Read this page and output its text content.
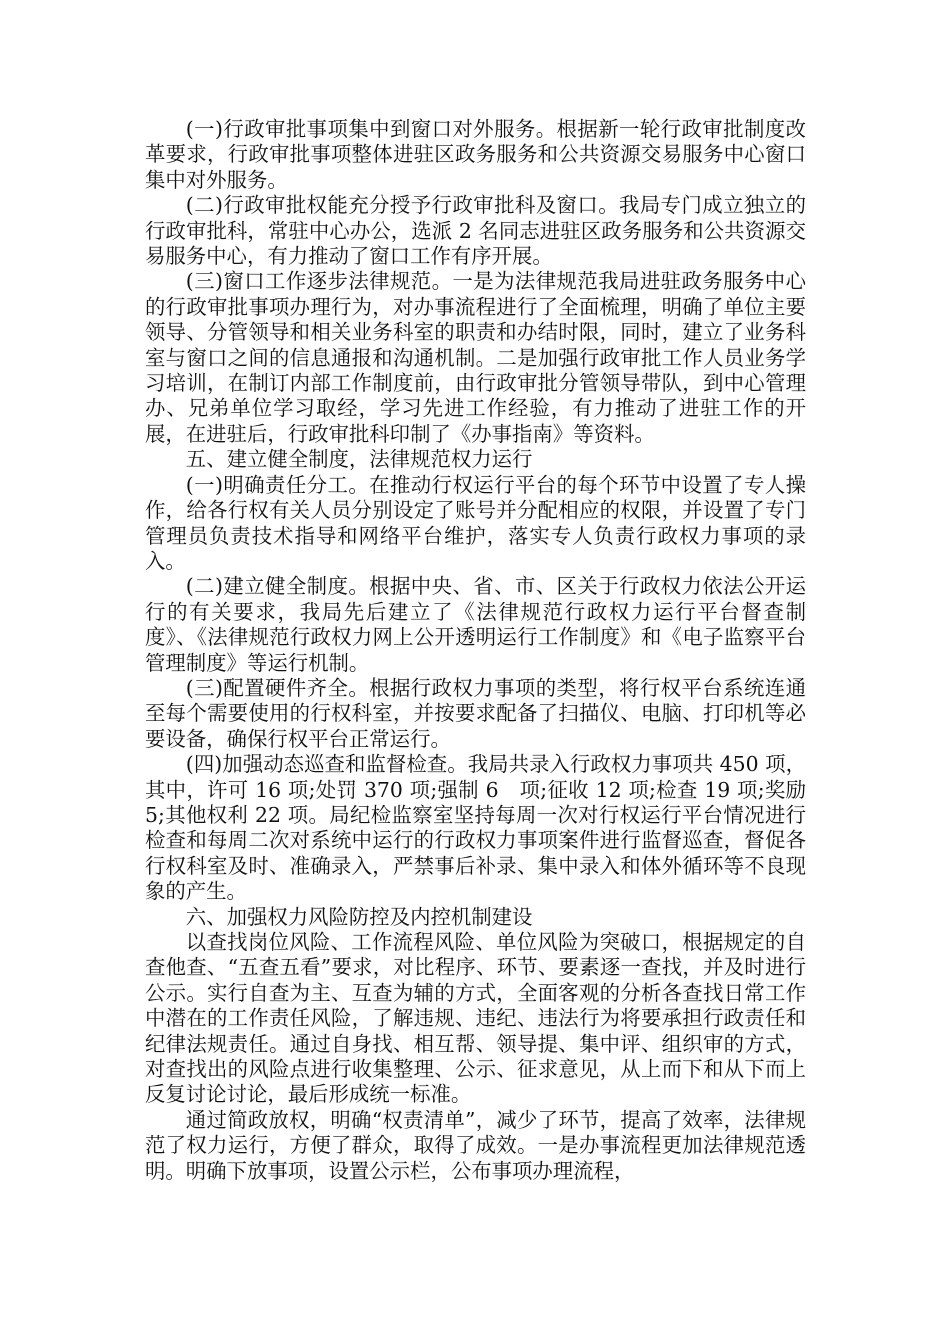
(一)行政审批事项集中到窗口对外服务。根据新一轮行政审批制度改革要求，行政审批事项整体进驻区政务服务和公共资源交易服务中心窗口集中对外服务。

(二)行政审批权能充分授予行政审批科及窗口。我局专门成立独立的行政审批科，常驻中心办公，选派 2 名同志进驻区政务服务和公共资源交易服务中心，有力推动了窗口工作有序开展。

(三)窗口工作逐步法律规范。一是为法律规范我局进驻政务服务中心的行政审批事项办理行为，对办事流程进行了全面梳理，明确了单位主要领导、分管领导和相关业务科室的职责和办结时限，同时，建立了业务科室与窗口之间的信息通报和沟通机制。二是加强行政审批工作人员业务学习培训，在制订内部工作制度前，由行政审批分管领导带队，到中心管理办、兄弟单位学习取经，学习先进工作经验，有力推动了进驻工作的开展，在进驻后，行政审批科印制了《办事指南》等资料。

五、建立健全制度，法律规范权力运行

(一)明确责任分工。在推动行权运行平台的每个环节中设置了专人操作，给各行权有关人员分别设定了账号并分配相应的权限，并设置了专门管理员负责技术指导和网络平台维护，落实专人负责行政权力事项的录入。

(二)建立健全制度。根据中央、省、市、区关于行政权力依法公开运行的有关要求，我局先后建立了《法律规范行政权力运行平台督查制度》、《法律规范行政权力网上公开透明运行工作制度》和《电子监察平台管理制度》等运行机制。

(三)配置硬件齐全。根据行政权力事项的类型，将行权平台系统连通至每个需要使用的行权科室，并按要求配备了扫描仪、电脑、打印机等必要设备，确保行权平台正常运行。

(四)加强动态巡查和监督检查。我局共录入行政权力事项共 450 项，其中，许可 16 项;处罚 370 项;强制 6　项;征收 12 项;检查 19 项;奖励 5;其他权利 22 项。局纪检监察室坚持每周一次对行权运行平台情况进行检查和每周二次对系统中运行的行政权力事项案件进行监督巡查，督促各行权科室及时、准确录入，严禁事后补录、集中录入和体外循环等不良现象的产生。

六、加强权力风险防控及内控机制建设

以查找岗位风险、工作流程风险、单位风险为突破口，根据规定的自查他查、“五查五看”要求，对比程序、环节、要素逐一查找，并及时进行公示。实行自查为主、互查为辅的方式，全面客观的分析各查找日常工作中潜在的工作责任风险，了解违规、违纪、违法行为将要承担行政责任和纪律法规责任。通过自身找、相互帮、领导提、集中评、组织审的方式，对查找出的风险点进行收集整理、公示、征求意见，从上而下和从下而上反复讨论讨论，最后形成统一标准。

通过简政放权，明确“权责清单”，减少了环节，提高了效率，法律规范了权力运行，方便了群众，取得了成效。一是办事流程更加法律规范透明。明确下放事项，设置公示栏，公布事项办理流程，
